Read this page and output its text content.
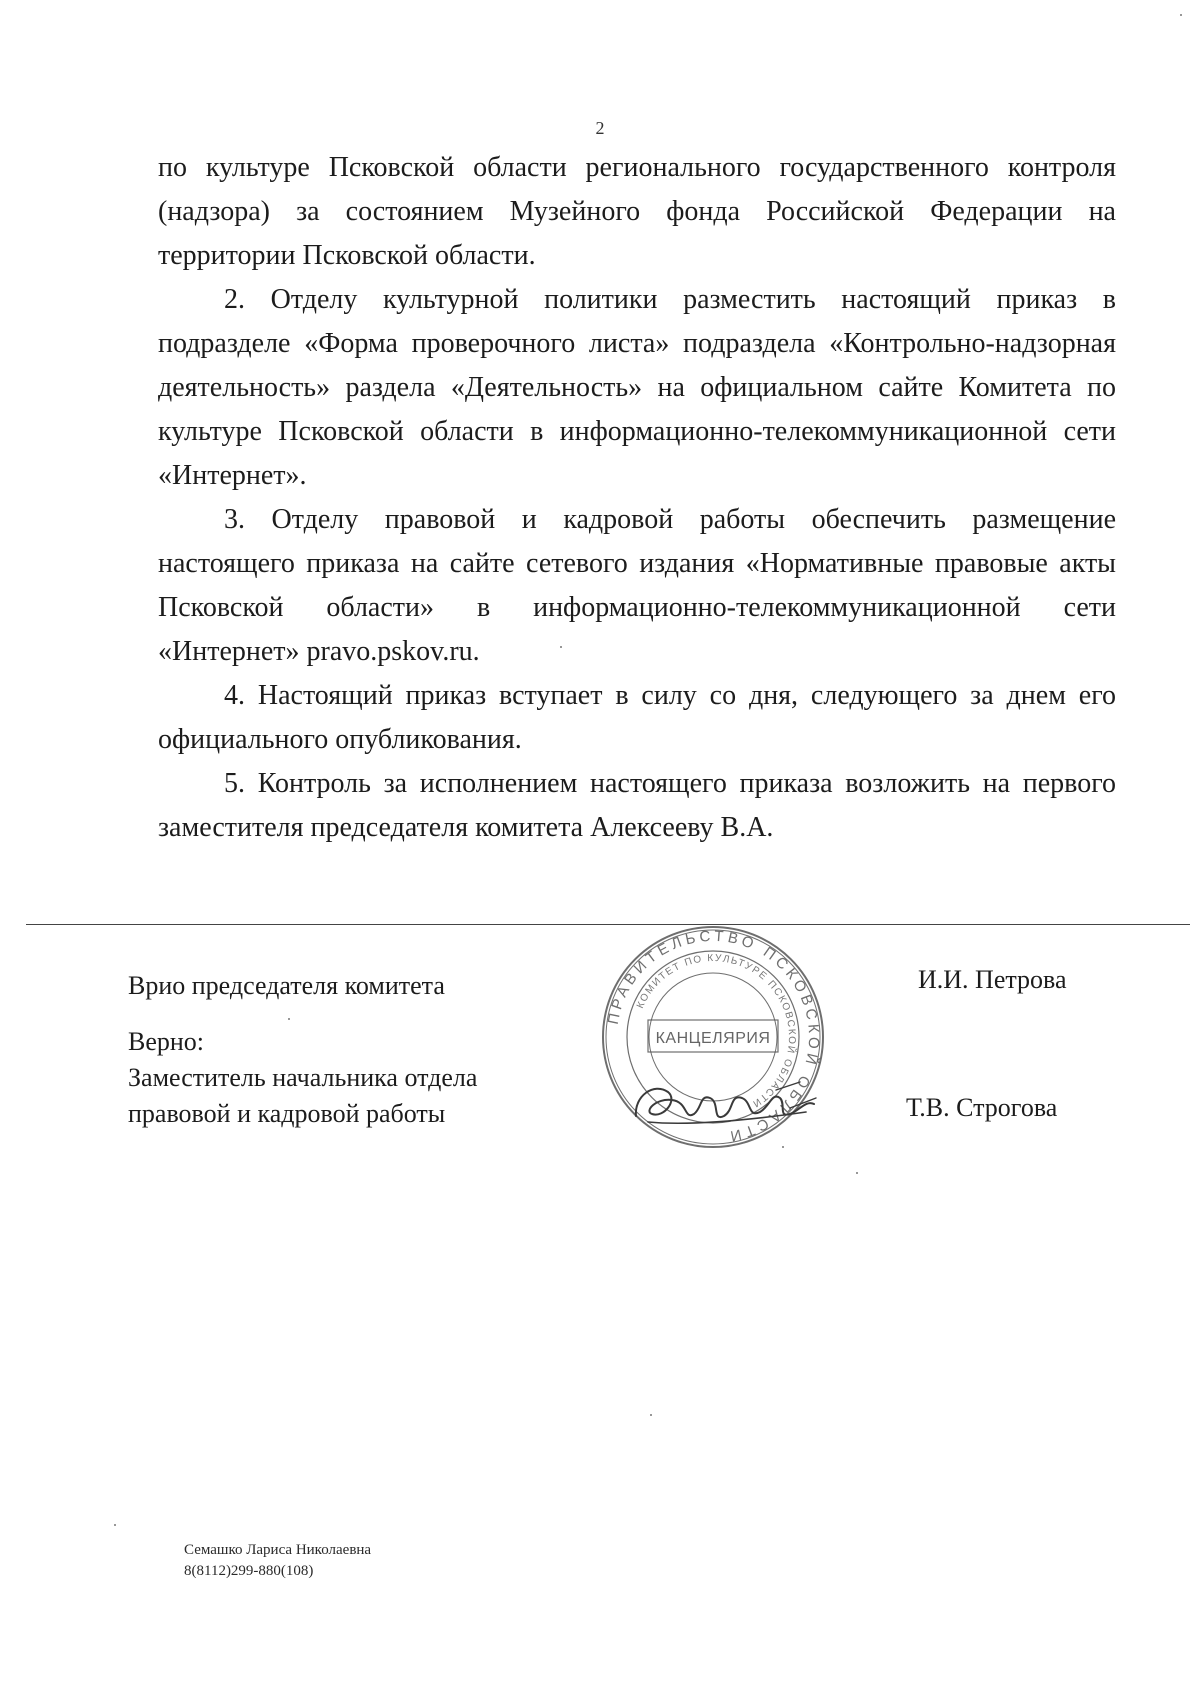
2

по культуре Псковской области регионального государственного контроля (надзора) за состоянием Музейного фонда Российской Федерации на территории Псковской области.

2. Отделу культурной политики разместить настоящий приказ в подразделе «Форма проверочного листа» подраздела «Контрольно-надзорная деятельность» раздела «Деятельность» на официальном сайте Комитета по культуре Псковской области в информационно-телекоммуникационной сети «Интернет».

3. Отделу правовой и кадровой работы обеспечить размещение настоящего приказа на сайте сетевого издания «Нормативные правовые акты Псковской области» в информационно-телекоммуникационной сети «Интернет» pravo.pskov.ru.

4. Настоящий приказ вступает в силу со дня, следующего за днем его официального опубликования.

5. Контроль за исполнением настоящего приказа возложить на первого заместителя председателя комитета Алексееву В.А.

Врио председателя комитета	И.И. Петрова
Верно:
Заместитель начальника отдела
правовой и кадровой работы	Т.В. Строгова
ПРАВИТЕЛЬСТВО ПСКОВСКОЙ ОБЛАСТИ
КОМИТЕТ ПО КУЛЬТУРЕ ПСКОВСКОЙ ОБЛАСТИ
КАНЦЕЛЯРИЯ
Семашко Лариса Николаевна
8(8112)299-880(108)
